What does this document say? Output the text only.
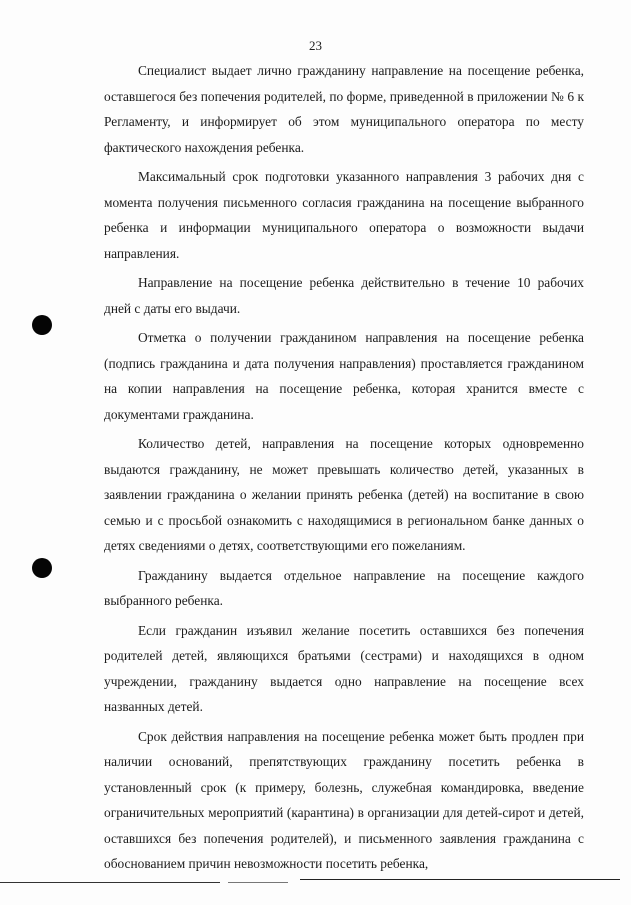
23

Специалист выдает лично гражданину направление на посещение ребенка, оставшегося без попечения родителей, по форме, приведенной в приложении № 6 к Регламенту, и информирует об этом муниципального оператора по месту фактического нахождения ребенка.

Максимальный срок подготовки указанного направления 3 рабочих дня с момента получения письменного согласия гражданина на посещение выбранного ребенка и информации муниципального оператора о возможности выдачи направления.

Направление на посещение ребенка действительно в течение 10 рабочих дней с даты его выдачи.

Отметка о получении гражданином направления на посещение ребенка (подпись гражданина и дата получения направления) проставляется гражданином на копии направления на посещение ребенка, которая хранится вместе с документами гражданина.

Количество детей, направления на посещение которых одновременно выдаются гражданину, не может превышать количество детей, указанных в заявлении гражданина о желании принять ребенка (детей) на воспитание в свою семью и с просьбой ознакомить с находящимися в региональном банке данных о детях сведениями о детях, соответствующими его пожеланиям.

Гражданину выдается отдельное направление на посещение каждого выбранного ребенка.

Если гражданин изъявил желание посетить оставшихся без попечения родителей детей, являющихся братьями (сестрами) и находящихся в одном учреждении, гражданину выдается одно направление на посещение всех названных детей.

Срок действия направления на посещение ребенка может быть продлен при наличии оснований, препятствующих гражданину посетить ребенка в установленный срок (к примеру, болезнь, служебная командировка, введение ограничительных мероприятий (карантина) в организации для детей-сирот и детей, оставшихся без попечения родителей), и письменного заявления гражданина с обоснованием причин невозможности посетить ребенка,
